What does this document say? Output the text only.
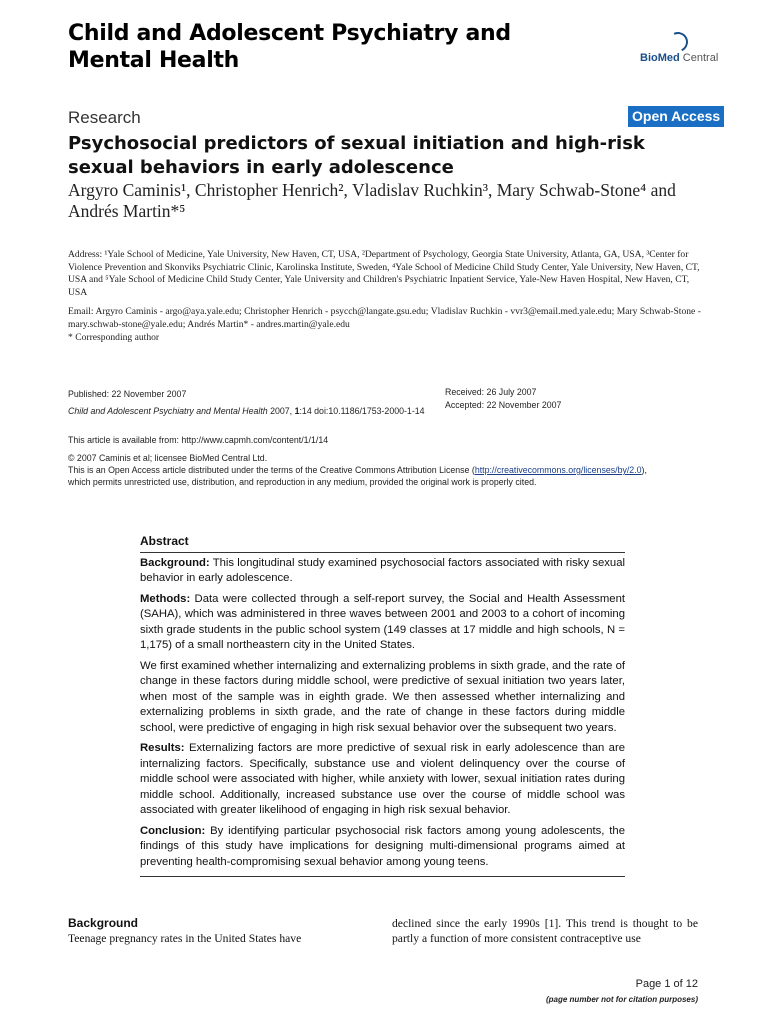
Child and Adolescent Psychiatry and
Mental Health	BioMed Central
Research	Open Access
Psychosocial predictors of sexual initiation and high-risk sexual behaviors in early adolescence
Argyro Caminis¹, Christopher Henrich², Vladislav Ruchkin³, Mary Schwab-Stone⁴ and Andrés Martin*⁵
Address: ¹Yale School of Medicine, Yale University, New Haven, CT, USA, ²Department of Psychology, Georgia State University, Atlanta, GA, USA, ³Center for Violence Prevention and Skonviks Psychiatric Clinic, Karolinska Institute, Sweden, ⁴Yale School of Medicine Child Study Center, Yale University, New Haven, CT, USA and ⁵Yale School of Medicine Child Study Center, Yale University and Children's Psychiatric Inpatient Service, Yale-New Haven Hospital, New Haven, CT, USA
Email: Argyro Caminis - argo@aya.yale.edu; Christopher Henrich - psycch@langate.gsu.edu; Vladislav Ruchkin - vvr3@email.med.yale.edu; Mary Schwab-Stone - mary.schwab-stone@yale.edu; Andrés Martin* - andres.martin@yale.edu
* Corresponding author
Published: 22 November 2007
Child and Adolescent Psychiatry and Mental Health 2007, 1:14 doi:10.1186/1753-2000-1-14
Received: 26 July 2007
Accepted: 22 November 2007
This article is available from: http://www.capmh.com/content/1/1/14
© 2007 Caminis et al; licensee BioMed Central Ltd.
This is an Open Access article distributed under the terms of the Creative Commons Attribution License (http://creativecommons.org/licenses/by/2.0),
which permits unrestricted use, distribution, and reproduction in any medium, provided the original work is properly cited.
Abstract

Background: This longitudinal study examined psychosocial factors associated with risky sexual behavior in early adolescence.

Methods: Data were collected through a self-report survey, the Social and Health Assessment (SAHA), which was administered in three waves between 2001 and 2003 to a cohort of incoming sixth grade students in the public school system (149 classes at 17 middle and high schools, N = 1,175) of a small northeastern city in the United States.

We first examined whether internalizing and externalizing problems in sixth grade, and the rate of change in these factors during middle school, were predictive of sexual initiation two years later, when most of the sample was in eighth grade. We then assessed whether internalizing and externalizing problems in sixth grade, and the rate of change in these factors during middle school, were predictive of engaging in high risk sexual behavior over the subsequent two years.

Results: Externalizing factors are more predictive of sexual risk in early adolescence than are internalizing factors. Specifically, substance use and violent delinquency over the course of middle school were associated with higher, while anxiety with lower, sexual initiation rates during middle school. Additionally, increased substance use over the course of middle school was associated with greater likelihood of engaging in high risk sexual behavior.

Conclusion: By identifying particular psychosocial risk factors among young adolescents, the findings of this study have implications for designing multi-dimensional programs aimed at preventing health-compromising sexual behavior among young teens.

Background
Teenage pregnancy rates in the United States have
declined since the early 1990s [1]. This trend is thought to be partly a function of more consistent contraceptive use
Page 1 of 12
(page number not for citation purposes)
